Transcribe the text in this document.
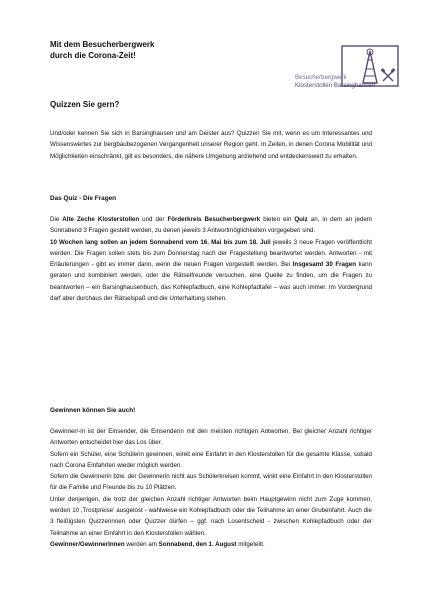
Mit dem Besucherbergwerk
durch die Corona-Zeit!
Besucherbergwerk
Klosterstollen Barsinghausen
Quizzen Sie gern?

Und/oder kennen Sie sich in Barsinghausen und am Deister aus? Quizzen Sie mit, wenn es um Interessantes und Wissenswertes zur bergbaubezogenen Vergangenheit unserer Region geht. In Zeiten, in denen Corona Mobilität und Möglichkeiten einschränkt, gilt es besonders, die nähere Umgebung anziehend und entdeckenswert zu erhalten.

Das Quiz - Die Fragen

Die Alte Zeche Klosterstollen und der Förderkreis Besucherbergwerk bieten ein Quiz an, in dem an jedem Sonnabend 3 Fragen gestellt werden, zu denen jeweils 3 Antwortmöglichkeiten vorgegeben sind.

10 Wochen lang sollen an jedem Sonnabend vom 16. Mai bis zum 18. Juli jeweils 3 neue Fragen veröffentlicht werden. Die Fragen sollen stets bis zum Donnerstag nach der Fragestellung beantwortet werden. Antworten - mit Erläuterungen - gibt es immer dann, wenn die neuen Fragen vorgestellt werden. Bei Insgesamt 30 Fragen kann geraten und kombiniert werden, oder die Rätselfreunde versuchen, eine Quelle zu finden, um die Fragen zu beantworten – ein Barsinghausenbuch, das Kohlepfadbuch, eine Kohlepfadtafel – was auch immer. Im Vordergrund darf aber durchaus der Rätselspaß und die Unterhaltung stehen.

Gewinnen können Sie auch!

Gewinner/-in ist der Einsender, die Einsenderin mit den meisten richtigen Antworten. Bei gleicher Anzahl richtiger Antworten entscheidet hier das Los über.

Sofern ein Schüler, eine Schülerin gewinnen, winkt eine Einfahrt in den Klosterstollen für die gesamte Klasse, sobald nach Corona Einfahrten wieder möglich werden.

Sofern die Gewinnerin bzw. der Gewinnerin nicht aus Schülerkreisen kommt, winkt eine Einfahrt in den Klosterstollen für die Familie und Freunde bis zu 10 Plätzen.

Unter denjenigen, die trotz der gleichen Anzahl richtiger Antworten beim Hauptgewinn nicht zum Zuge kommen, werden 10 ‚Trostpreise' ausgelost - wahlweise ein Kohlepfadbuch oder die Teilnahme an einer Grubenfahrt. Auch die 3 fleißigsten Quizzerinnen oder Quizzer dürfen – ggf. nach Losentscheid - zwischen Kohlepfadbuch oder der Teilnahme an einer Einfahrt in den Klosterstollen wählen.

Gewinner/GewinnerInnen werden am Sonnabend, den 1. August mitgeteilt.
